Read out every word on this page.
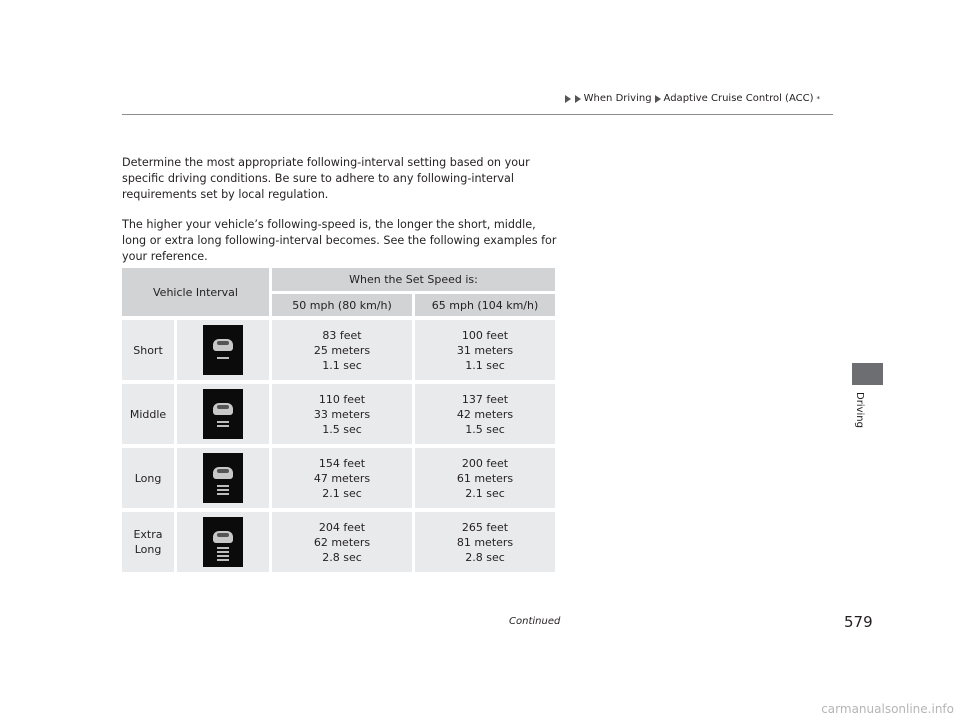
When Driving Adaptive Cruise Control (ACC) *

Determine the most appropriate following-interval setting based on your specific driving conditions. Be sure to adhere to any following-interval requirements set by local regulation.

The higher your vehicle’s following-speed is, the longer the short, middle, long or extra long following-interval becomes. See the following examples for your reference.

Vehicle Interval		When the Set Speed is:	
		50 mph (80 km/h)	65 mph (104 km/h)

Short		83 feet
25 meters
1.1 sec	100 feet
31 meters
1.1 sec

Middle		110 feet
33 meters
1.5 sec	137 feet
42 meters
1.5 sec

Long		154 feet
47 meters
2.1 sec	200 feet
61 meters
2.1 sec

Extra
Long		204 feet
62 meters
2.8 sec	265 feet
81 meters
2.8 sec
Driving
Continued	579
carmanualsonline.info
